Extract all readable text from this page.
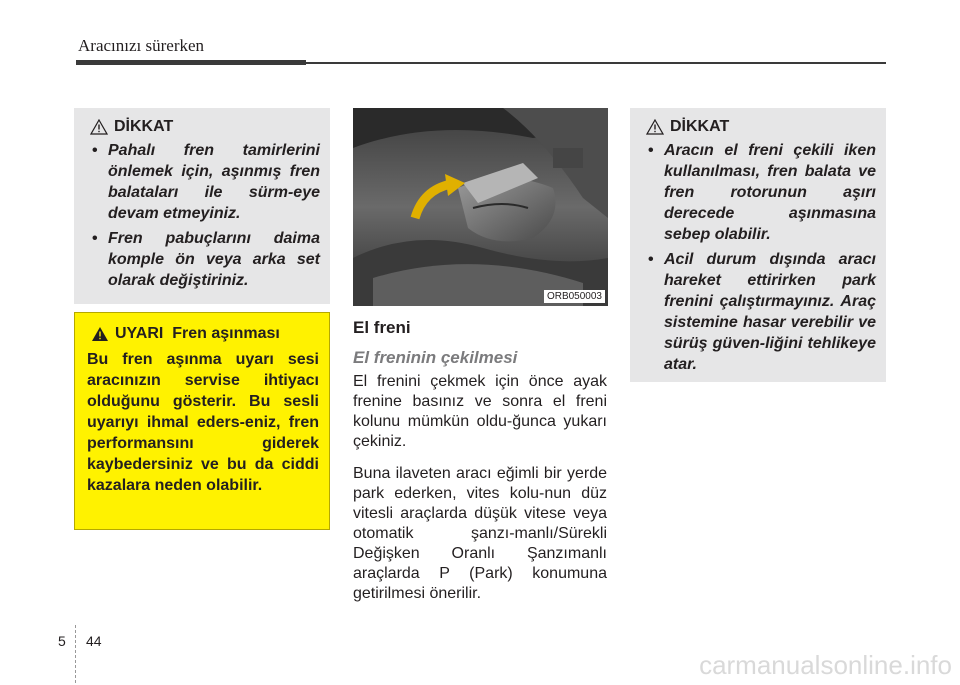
Aracınızı sürerken
DİKKAT
• Pahalı fren tamirlerini önlemek için, aşınmış fren balataları ile sürm-eye devam etmeyiniz.
• Fren pabuçlarını daima komple ön veya arka set olarak değiştiriniz.
UYARI  Fren aşınması
Bu fren aşınma uyarı sesi aracınızın servise ihtiyacı olduğunu gösterir. Bu sesli uyarıyı ihmal eders-eniz, fren performansını giderek kaybedersiniz ve bu da ciddi kazalara neden olabilir.
ORB050003
El freni
El freninin çekilmesi

El frenini çekmek için önce ayak frenine basınız ve sonra el freni kolunu mümkün oldu-ğunca yukarı çekiniz.

Buna ilaveten aracı eğimli bir yerde park ederken, vites kolu-nun düz vitesli araçlarda düşük vitese veya otomatik şanzı-manlı/Sürekli Değişken Oranlı Şanzımanlı araçlarda P (Park) konumuna getirilmesi önerilir.

DİKKAT
• Aracın el freni çekili iken kullanılması, fren balata ve fren rotorunun aşırı derecede aşınmasına sebep olabilir.
• Acil durum dışında aracı hareket ettirirken park frenini çalıştırmayınız. Araç sistemine hasar verebilir ve sürüş güven-liğini tehlikeye atar.
5 44
carmanualsonline.info
